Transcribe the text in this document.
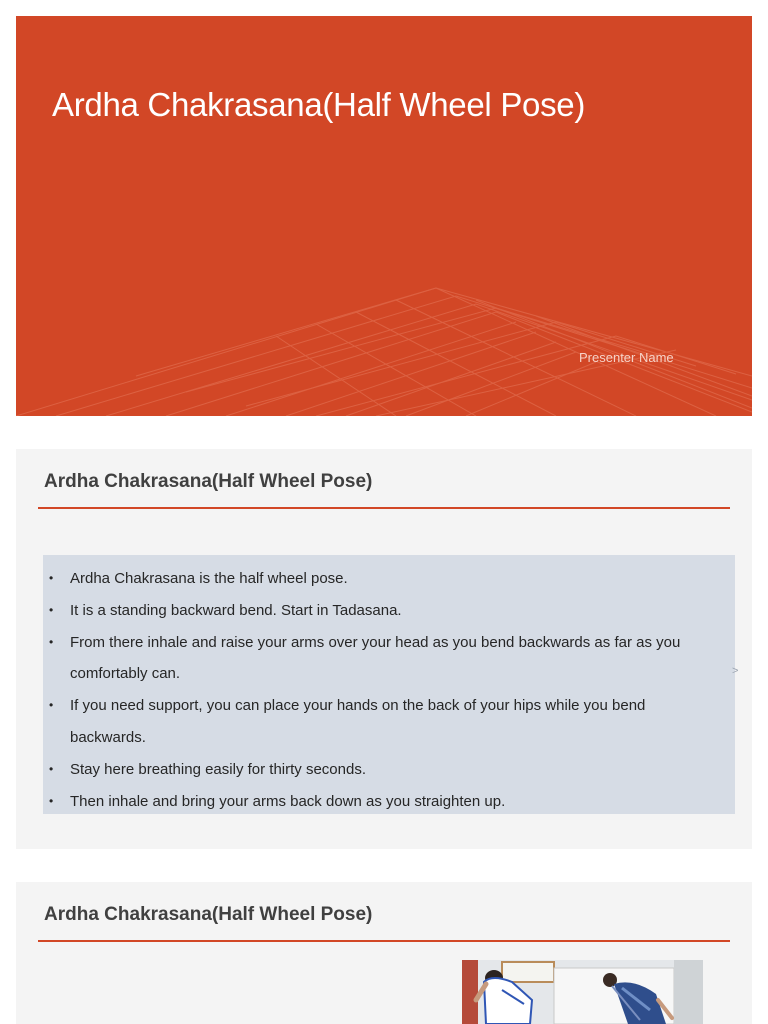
Ardha Chakrasana(Half Wheel Pose)
Presenter Name
Ardha Chakrasana(Half Wheel Pose)
• Ardha Chakrasana is the half wheel pose.
• It is a standing backward bend. Start in Tadasana.
• From there inhale and raise your arms over your head as you bend backwards as far as you comfortably can.
• If you need support, you can place your hands on the back of your hips while you bend backwards.
• Stay here breathing easily for thirty seconds.
• Then inhale and bring your arms back down as you straighten up.
>
Ardha Chakrasana(Half Wheel Pose)
